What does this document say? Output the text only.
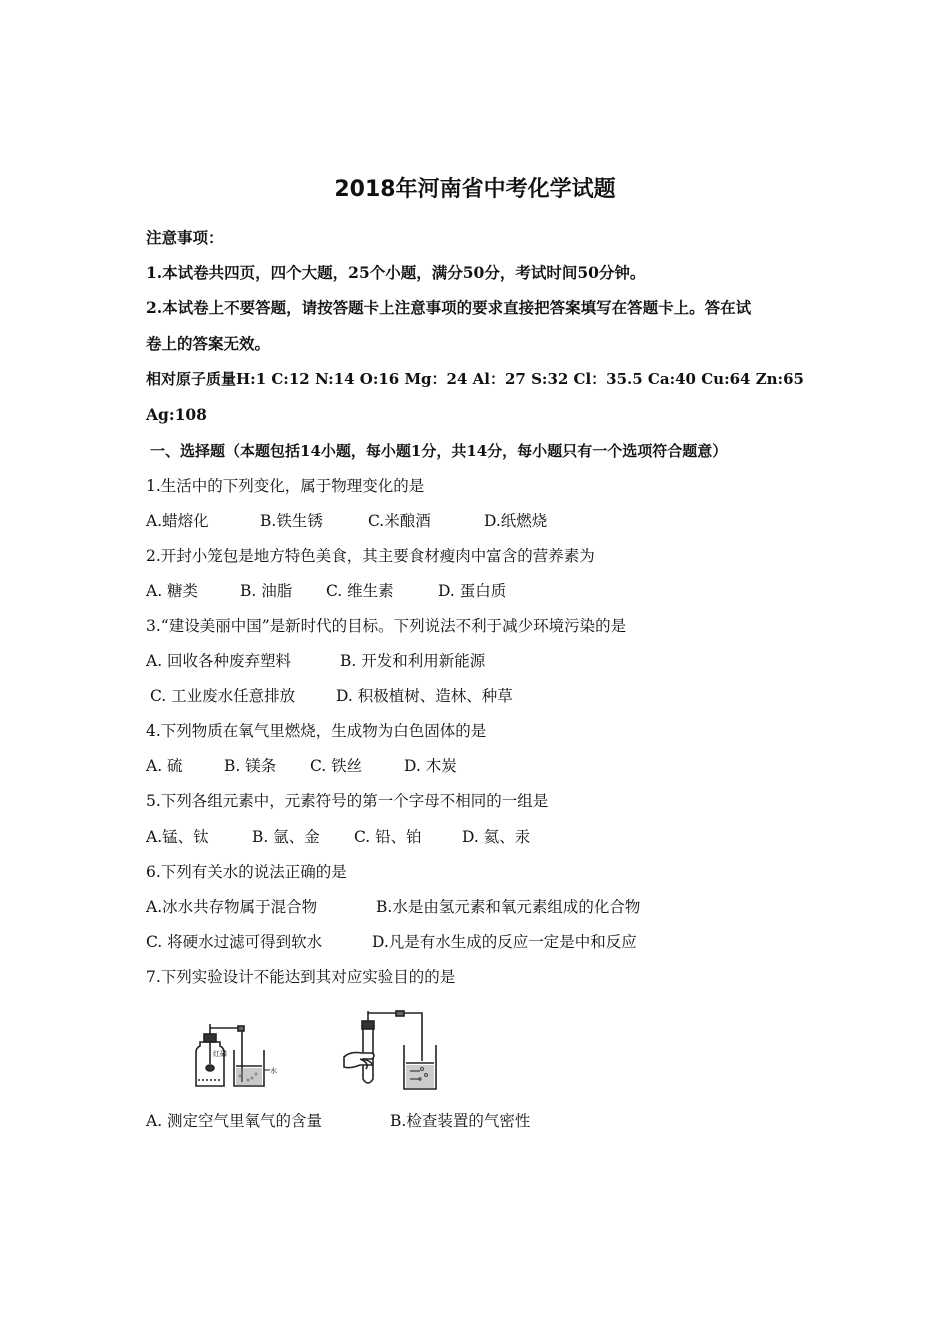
2018年河南省中考化学试题
注意事项：
1.本试卷共四页，四个大题，25个小题，满分50分，考试时间50分钟。
2.本试卷上不要答题，请按答题卡上注意事项的要求直接把答案填写在答题卡上。答在试
卷上的答案无效。
相对原子质量H:1 C:12 N:14 O:16 Mg：24 Al：27 S:32 Cl：35.5 Ca:40 Cu:64 Zn:65
Ag:108
一、选择题（本题包括14小题，每小题1分，共14分，每小题只有一个选项符合题意）
1.生活中的下列变化，属于物理变化的是
A.蜡熔化	B.铁生锈	C.米酿酒	D.纸燃烧
2.开封小笼包是地方特色美食，其主要食材瘦肉中富含的营养素为
A. 糖类	B. 油脂 C. 维生素	D. 蛋白质
3.“建设美丽中国”是新时代的目标。下列说法不利于减少环境污染的是
A. 回收各种废弃塑料	B. 开发和利用新能源
C. 工业废水任意排放	D. 积极植树、造林、种草
4.下列物质在氧气里燃烧，生成物为白色固体的是
A. 硫	B. 镁条 C. 铁丝	D. 木炭
5.下列各组元素中，元素符号的第一个字母不相同的一组是
A.锰、钛	B. 氩、金 C. 铅、铂	D. 氦、汞
6.下列有关水的说法正确的是
A.冰水共存物属于混合物	B.水是由氢元素和氧元素组成的化合物
C. 将硬水过滤可得到软水	D.凡是有水生成的反应一定是中和反应
7.下列实验设计不能达到其对应实验目的的是
红磷
水
A. 测定空气里氧气的含量	B.检查装置的气密性
